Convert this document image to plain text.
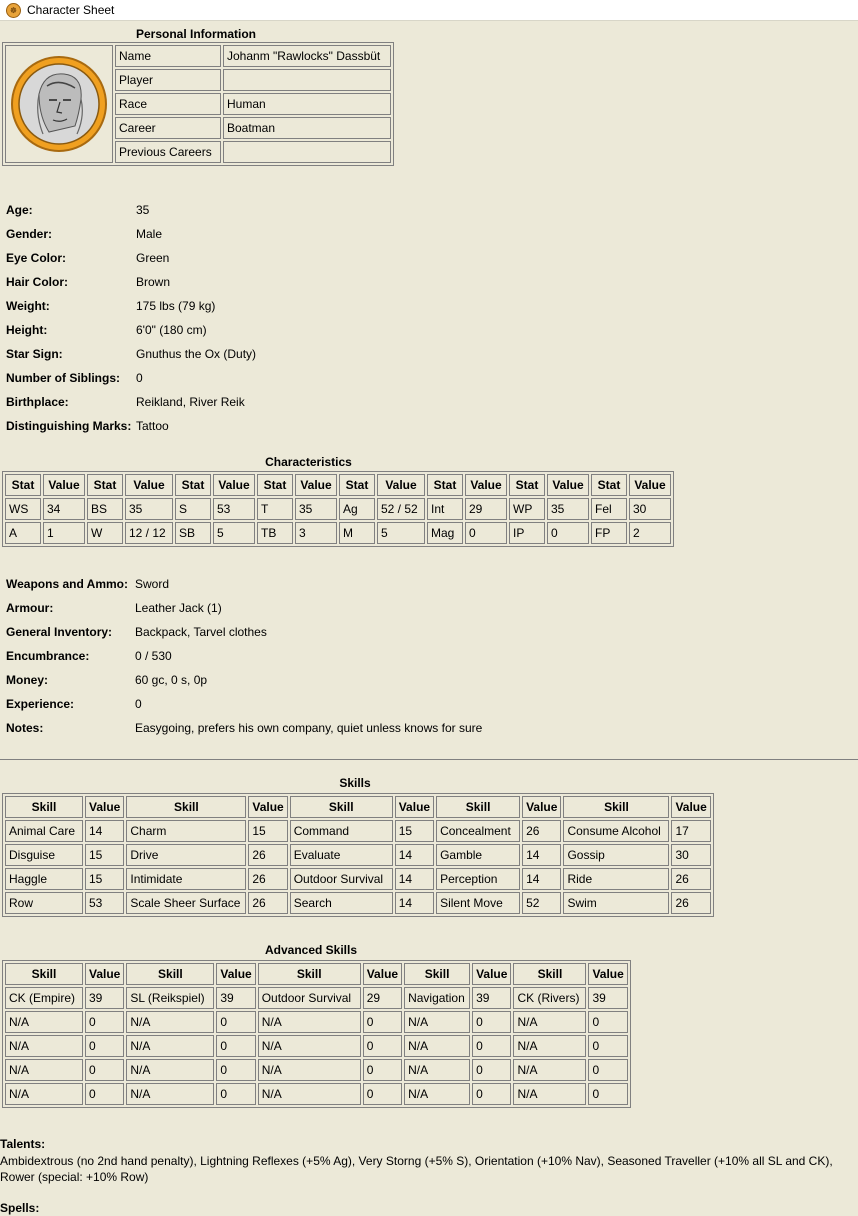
☸ Character Sheet
Personal Information
	Name	Johanm "Rawlocks" Dassbüt
	Player	
	Race	Human
	Career	Boatman
	Previous Careers	
Age:	35
Gender:	Male
Eye Color:	Green
Hair Color:	Brown
Weight:	175 lbs (79 kg)
Height:	6'0" (180 cm)
Star Sign:	Gnuthus the Ox (Duty)
Number of Siblings: 0
Birthplace:	Reikland, River Reik
Distinguishing Marks: Tattoo
Characteristics
Stat	Value	Stat	Value	Stat	Value	Stat	Value	Stat	Value	Stat	Value	Stat	Value	Stat	Value
WS	34	BS	35	S	53	T	35	Ag	52 / 52	Int	29	WP	35	Fel	30
A	1	W	12 / 12	SB	5	TB	3	M	5	Mag	0	IP	0	FP	2
Weapons and Ammo: Sword
Armour:	Leather Jack (1)
General Inventory: Backpack, Tarvel clothes
Encumbrance:	0 / 530
Money:	60 gc, 0 s, 0p
Experience:	0
Notes:	Easygoing, prefers his own company, quiet unless knows for sure
Skills
Skill	Value	Skill	Value	Skill	Value	Skill	Value	Skill	Value
Animal Care	14	Charm	15	Command	15	Concealment	26	Consume Alcohol	17
Disguise	15	Drive	26	Evaluate	14	Gamble	14	Gossip	30
Haggle	15	Intimidate	26	Outdoor Survival	14	Perception	14	Ride	26
Row	53	Scale Sheer Surface	26	Search	14	Silent Move	52	Swim	26
Advanced Skills
Skill	Value	Skill	Value	Skill	Value	Skill	Value	Skill	Value
CK (Empire)	39	SL (Reikspiel)	39	Outdoor Survival	29	Navigation	39	CK (Rivers)	39
N/A	0	N/A	0	N/A	0	N/A	0	N/A	0
N/A	0	N/A	0	N/A	0	N/A	0	N/A	0
N/A	0	N/A	0	N/A	0	N/A	0	N/A	0
N/A	0	N/A	0	N/A	0	N/A	0	N/A	0
Talents:
Ambidextrous (no 2nd hand penalty), Lightning Reflexes (+5% Ag), Very Storng (+5% S), Orientation (+10% Nav), Seasoned Traveller (+10% all SL and CK), Rower (special: +10% Row)
Spells:
